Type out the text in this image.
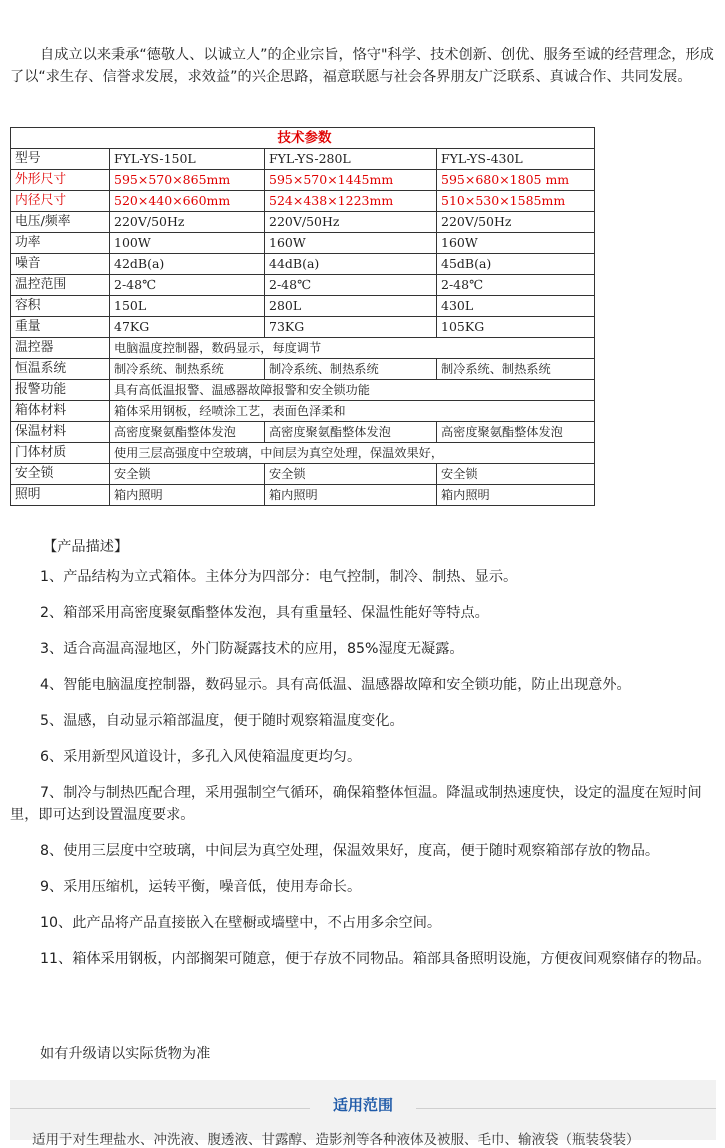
自成立以来秉承“德敬人、以诚立人”的企业宗旨，恪守"科学、技术创新、创优、服务至诚的经营理念，形成了以“求生存、信誉求发展，求效益”的兴企思路，福意联愿与社会各界朋友广泛联系、真诚合作、共同发展。

技术参数			
型号	FYL-YS-150L	FYL-YS-280L	FYL-YS-430L
外形尺寸	595×570×865mm	595×570×1445mm	595×680×1805 mm
内径尺寸	520×440×660mm	524×438×1223mm	510×530×1585mm
电压/频率	220V/50Hz	220V/50Hz	220V/50Hz
功率	100W	160W	160W
噪音	42dB(a)	44dB(a)	45dB(a)
温控范围	2-48℃	2-48℃	2-48℃
容积	150L	280L	430L
重量	47KG	73KG	105KG
温控器	电脑温度控制器，数码显示，每度调节		
恒温系统	制冷系统、制热系统	制冷系统、制热系统	制冷系统、制热系统
报警功能	具有高低温报警、温感器故障报警和安全锁功能		
箱体材料	箱体采用钢板，经喷涂工艺，表面色泽柔和		
保温材料	高密度聚氨酯整体发泡	高密度聚氨酯整体发泡	高密度聚氨酯整体发泡
门体材质	使用三层高强度中空玻璃，中间层为真空处理，保温效果好，		
安全锁	安全锁	安全锁	安全锁
照明	箱内照明	箱内照明	箱内照明

【产品描述】

1、产品结构为立式箱体。主体分为四部分：电气控制，制冷、制热、显示。
2、箱部采用高密度聚氨酯整体发泡，具有重量轻、保温性能好等特点。
3、适合高温高湿地区，外门防凝露技术的应用，85%湿度无凝露。
4、智能电脑温度控制器，数码显示。具有高低温、温感器故障和安全锁功能，防止出现意外。
5、温感，自动显示箱部温度，便于随时观察箱温度变化。
6、采用新型风道设计，多孔入风使箱温度更均匀。
7、制冷与制热匹配合理，采用强制空气循环，确保箱整体恒温。降温或制热速度快，设定的温度在短时间里，即可达到设置温度要求。
8、使用三层度中空玻璃，中间层为真空处理，保温效果好，度高，便于随时观察箱部存放的物品。
9、采用压缩机，运转平衡，噪音低，使用寿命长。
10、此产品将产品直接嵌入在壁橱或墙壁中，不占用多余空间。
11、箱体采用钢板，内部搁架可随意，便于存放不同物品。箱部具备照明设施，方便夜间观察储存的物品。

如有升级请以实际货物为准

适用范围
适用于对生理盐水、冲洗液、腹透液、甘露醇、造影剂等各种液体及被服、毛巾、输液袋（瓶装袋装）
